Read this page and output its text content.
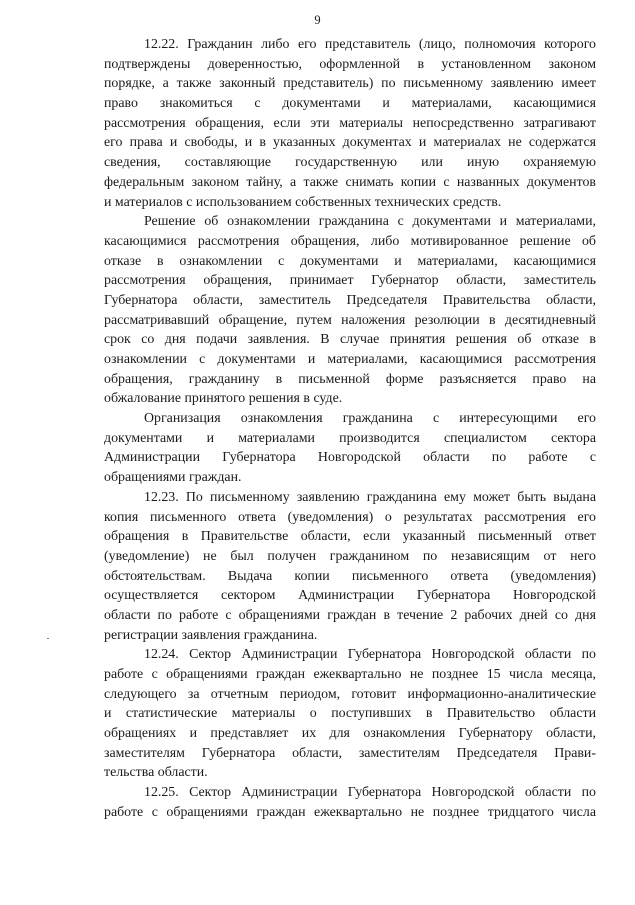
9

12.22. Гражданин либо его представитель (лицо, полномочия которого
подтверждены доверенностью, оформленной в установленном законом
порядке, а также законный представитель) по письменному заявлению имеет
право знакомиться с документами и материалами, касающимися
рассмотрения обращения, если эти материалы непосредственно затрагивают
его права и свободы, и в указанных документах и материалах не содержатся
сведения, составляющие государственную или иную охраняемую
федеральным законом тайну, а также снимать копии с названных документов
и материалов с использованием собственных технических средств.

Решение об ознакомлении гражданина с документами и материалами,
касающимися рассмотрения обращения, либо мотивированное решение об
отказе в ознакомлении с документами и материалами, касающимися
рассмотрения обращения, принимает Губернатор области, заместитель
Губернатора области, заместитель Председателя Правительства области,
рассматривавший обращение, путем наложения резолюции в десятидневный
срок со дня подачи заявления. В случае принятия решения об отказе в
ознакомлении с документами и материалами, касающимися рассмотрения
обращения, гражданину в письменной форме разъясняется право на
обжалование принятого решения в суде.

Организация ознакомления гражданина с интересующими его
документами и материалами производится специалистом сектора
Администрации Губернатора Новгородской области по работе с
обращениями граждан.

12.23. По письменному заявлению гражданина ему может быть выдана
копия письменного ответа (уведомления) о результатах рассмотрения его
обращения в Правительстве области, если указанный письменный ответ
(уведомление) не был получен гражданином по независящим от него
обстоятельствам. Выдача копии письменного ответа (уведомления)
осуществляется сектором Администрации Губернатора Новгородской
области по работе с обращениями граждан в течение 2 рабочих дней со дня
регистрации заявления гражданина.

12.24. Сектор Администрации Губернатора Новгородской области по
работе с обращениями граждан ежеквартально не позднее 15 числа месяца,
следующего за отчетным периодом, готовит информационно-аналитические
и статистические материалы о поступивших в Правительство области
обращениях и представляет их для ознакомления Губернатору области,
заместителям Губернатора области, заместителям Председателя Прави-
тельства области.

12.25. Сектор Администрации Губернатора Новгородской области по
работе с обращениями граждан ежеквартально не позднее тридцатого числа
